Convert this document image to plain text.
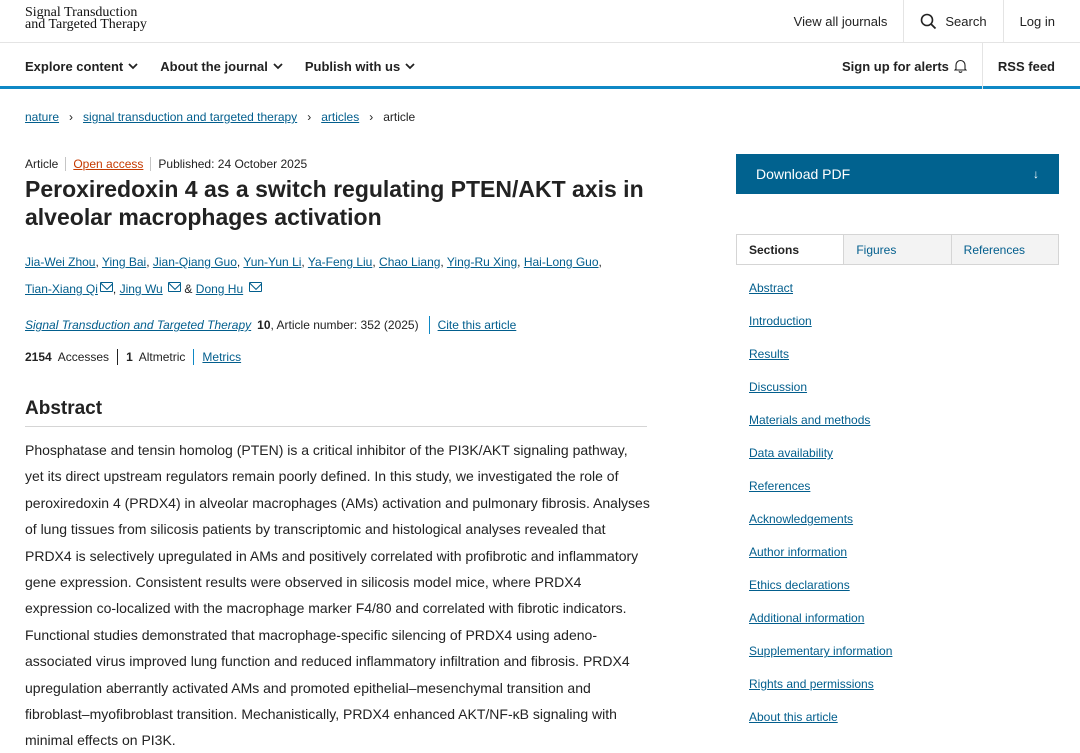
Signal Transduction
and Targeted Therapy	View all journals	Search	Log in
Explore content	About the journal	Publish with us	Sign up for alerts	RSS feed
nature › signal transduction and targeted therapy › articles › article
Article Open access Published: 24 October 2025
Peroxiredoxin 4 as a switch regulating PTEN/AKT axis in alveolar macrophages activation
Jia-Wei Zhou, Ying Bai, Jian-Qiang Guo, Yun-Yun Li, Ya-Feng Liu, Chao Liang, Ying-Ru Xing, Hai-Long Guo,
Tian-Xiang Qi , Jing Wu & Dong Hu
Signal Transduction and Targeted Therapy 10 , Article number: 352 (2025) Cite this article
2154 Accesses 1 Altmetric Metrics
Abstract

Phosphatase and tensin homolog (PTEN) is a critical inhibitor of the PI3K/AKT signaling pathway, yet its direct upstream regulators remain poorly defined. In this study, we investigated the role of peroxiredoxin 4 (PRDX4) in alveolar macrophages (AMs) activation and pulmonary fibrosis. Analyses of lung tissues from silicosis patients by transcriptomic and histological analyses revealed that PRDX4 is selectively upregulated in AMs and positively correlated with profibrotic and inflammatory gene expression. Consistent results were observed in silicosis model mice, where PRDX4 expression co-localized with the macrophage marker F4/80 and correlated with fibrotic indicators. Functional studies demonstrated that macrophage-specific silencing of PRDX4 using adeno-associated virus improved lung function and reduced inflammatory infiltration and fibrosis. PRDX4 upregulation aberrantly activated AMs and promoted epithelial–mesenchymal transition and fibroblast–myofibroblast transition. Mechanistically, PRDX4 enhanced AKT/NF-κB signaling with minimal effects on PI3K.

Download PDF	↓
Sections	Figures	References
Abstract
Introduction
Results
Discussion
Materials and methods
Data availability
References
Acknowledgements
Author information
Ethics declarations
Additional information
Supplementary information
Rights and permissions
About this article
